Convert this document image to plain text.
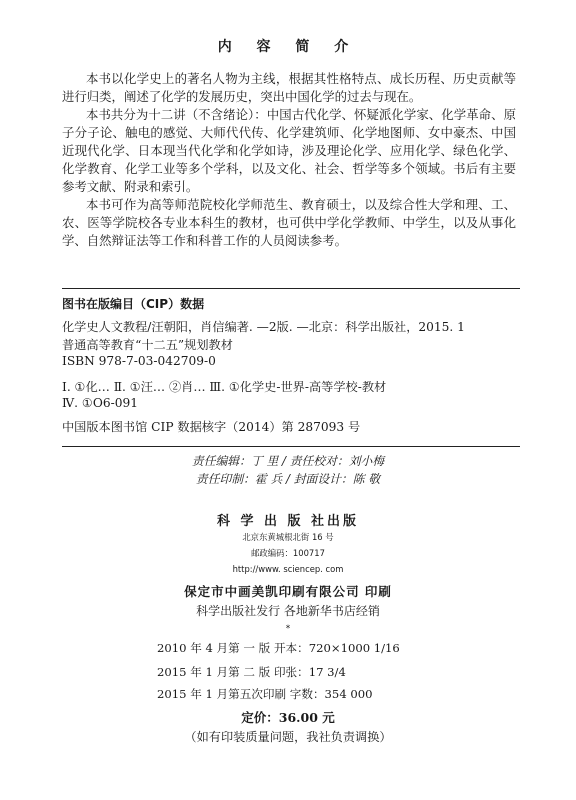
内 容 简 介

本书以化学史上的著名人物为主线，根据其性格特点、成长历程、历史贡献等进行归类，阐述了化学的发展历史，突出中国化学的过去与现在。

本书共分为十二讲（不含绪论）：中国古代化学、怀疑派化学家、化学革命、原子分子论、触电的感觉、大师代代传、化学建筑师、化学地图师、女中豪杰、中国近现代化学、日本现当代化学和化学如诗，涉及理论化学、应用化学、绿色化学、化学教育、化学工业等多个学科，以及文化、社会、哲学等多个领域。书后有主要参考文献、附录和索引。

本书可作为高等师范院校化学师范生、教育硕士，以及综合性大学和理、工、农、医等学院校各专业本科生的教材，也可供中学化学教师、中学生，以及从事化学、自然辩证法等工作和科普工作的人员阅读参考。

图书在版编目（CIP）数据
化学史人文教程/汪朝阳，肖信编著. —2版. —北京：科学出版社，2015. 1
普通高等教育“十二五”规划教材
ISBN 978-7-03-042709-0
Ⅰ. ①化… Ⅱ. ①汪… ②肖… Ⅲ. ①化学史-世界-高等学校-教材
Ⅳ. ①O6-091
中国版本图书馆 CIP 数据核字（2014）第 287093 号
责任编辑：丁 里 / 责任校对：刘小梅
责任印制：霍 兵 / 封面设计：陈 敬
科 学 出 版 社出版
北京东黄城根北街 16 号
邮政编码：100717
http://www. sciencep. com
保定市中画美凯印刷有限公司 印刷
科学出版社发行 各地新华书店经销
*
2010 年 4 月第 一 版 开本：720×1000 1/16
2015 年 1 月第 二 版 印张：17 3/4
2015 年 1 月第五次印刷 字数：354 000
定价：36.00 元
（如有印装质量问题，我社负责调换）
